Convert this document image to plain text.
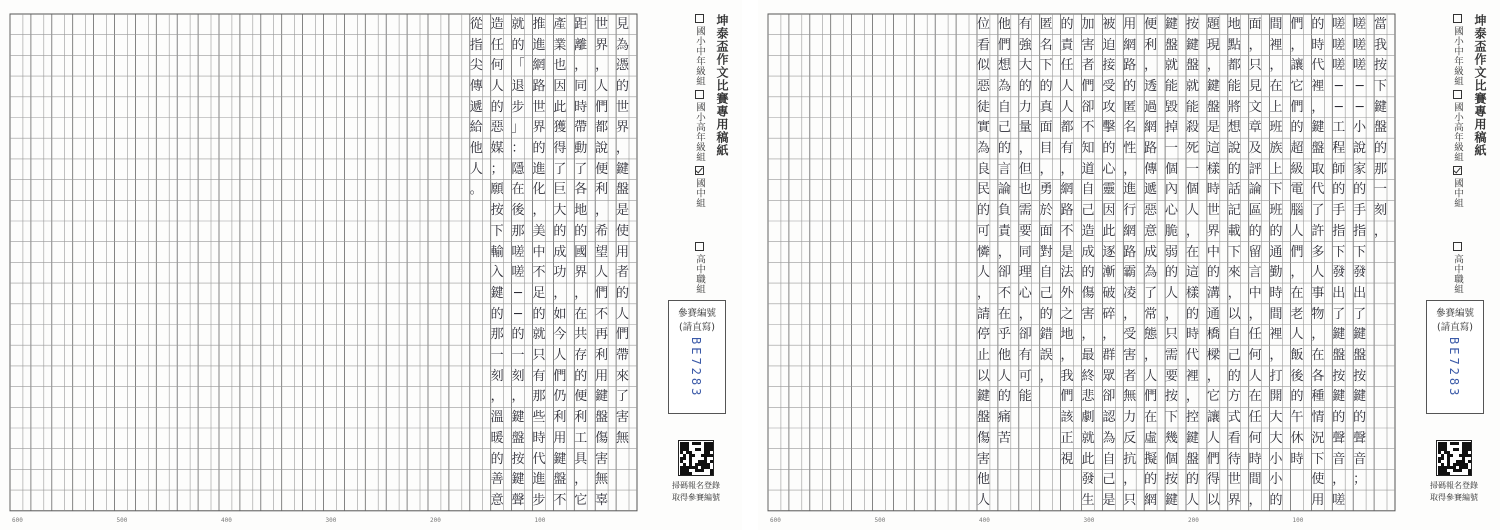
見
為
憑
的
世
界
，
鍵
盤
是
使
用
者
的
人
們
帶
來
了
害
無
世
界
，
人
們
都
說
便
利
，
希
望
人
們
不
再
利
用
鍵
盤
傷
害
無
辜
距
離
，
同
時
帶
動
了
各
地
的
國
界
，
在
共
存
的
便
利
工
具
，
它
產
業
也
因
此
獲
得
了
巨
大
的
成
功
，
如
今
人
們
仍
利
用
鍵
盤
不
推
進
網
路
世
界
的
進
化
，
美
中
不
足
的
就
只
有
那
些
時
代
進
步
就
的
「
退
步
」
：
隱
在
後
那
嗟
嗟
─
─
的
一
刻
，
鍵
盤
按
鍵
聲
造
任
何
人
的
惡
媒
；
願
按
下
輸
入
鍵
的
那
一
刻
，
溫
暖
的
善
意
從
指
尖
傳
遞
給
他
人
。
坤泰盃作文比賽專用稿紙
國小中年級組
國小高年級組
國中組
高中職組
參賽編號
(請直寫)
BE7283
掃碼報名登錄
取得參賽編號
600	500	400	300	200	100
當
我
按
下
鍵
盤
的
那
一
刻
，
嗟
嗟
嗟
─
─
小
說
家
的
手
指
下
發
出
了
鍵
盤
按
鍵
的
聲
音
；
嗟
嗟
嗟
─
─
工
程
師
的
手
指
下
發
出
了
鍵
盤
按
鍵
的
聲
音
，
嗟
的
時
代
裡
，
鍵
盤
取
代
了
許
多
人
事
物
，
在
各
種
情
況
下
使
用
們
，
讓
它
們
的
超
級
電
腦
人
們
，
在
老
人
飯
後
的
午
休
時
間
裡
，
在
上
班
族
上
下
班
的
通
勤
時
間
裡
，
打
開
大
大
小
小
的
面
，
只
見
文
章
及
評
論
區
的
留
言
中
，
任
何
人
在
任
何
時
間
，
地
點
都
能
將
想
說
的
話
記
載
下
來
，
以
自
己
的
方
式
看
待
世
界
題
現
，
鍵
盤
是
這
樣
時
世
界
中
的
溝
通
橋
樑
，
它
讓
人
們
得
以
按
鍵
盤
就
能
殺
死
一
個
人
，
在
這
樣
的
時
代
裡
，
控
鍵
盤
的
人
鍵
盤
就
能
毀
掉
一
個
內
心
脆
弱
的
人
，
只
需
要
按
下
幾
個
按
鍵
便
利
，
透
過
網
路
傳
遞
惡
意
成
為
了
常
態
，
人
們
在
虛
擬
的
網
用
網
路
的
匿
名
性
，
進
行
網
路
霸
凌
，
受
害
者
無
力
反
抗
，
只
被
迫
接
受
攻
擊
的
心
靈
因
此
逐
漸
破
碎
，
群
眾
卻
認
為
自
己
是
加
害
者
們
卻
不
知
道
自
己
造
成
的
傷
害
，
最
終
悲
劇
就
此
發
生
的
責
任
人
人
都
有
，
網
路
不
是
法
外
之
地
，
我
們
該
正
視
匿
名
下
的
真
面
目
，
勇
於
面
對
自
己
的
錯
誤
，
有
強
大
的
力
量
，
但
也
需
要
同
理
心
，
卻
有
可
能
他
們
想
為
自
己
的
言
論
負
責
，
卻
不
在
乎
他
人
的
痛
苦
位
看
似
惡
徒
實
為
良
民
的
可
憐
人
，
請
停
止
以
鍵
盤
傷
害
他
人
坤泰盃作文比賽專用稿紙
國小中年級組
國小高年級組
國中組
高中職組
參賽編號
(請直寫)
BE7283
掃碼報名登錄
取得參賽編號
600	500	400	300	200	100
